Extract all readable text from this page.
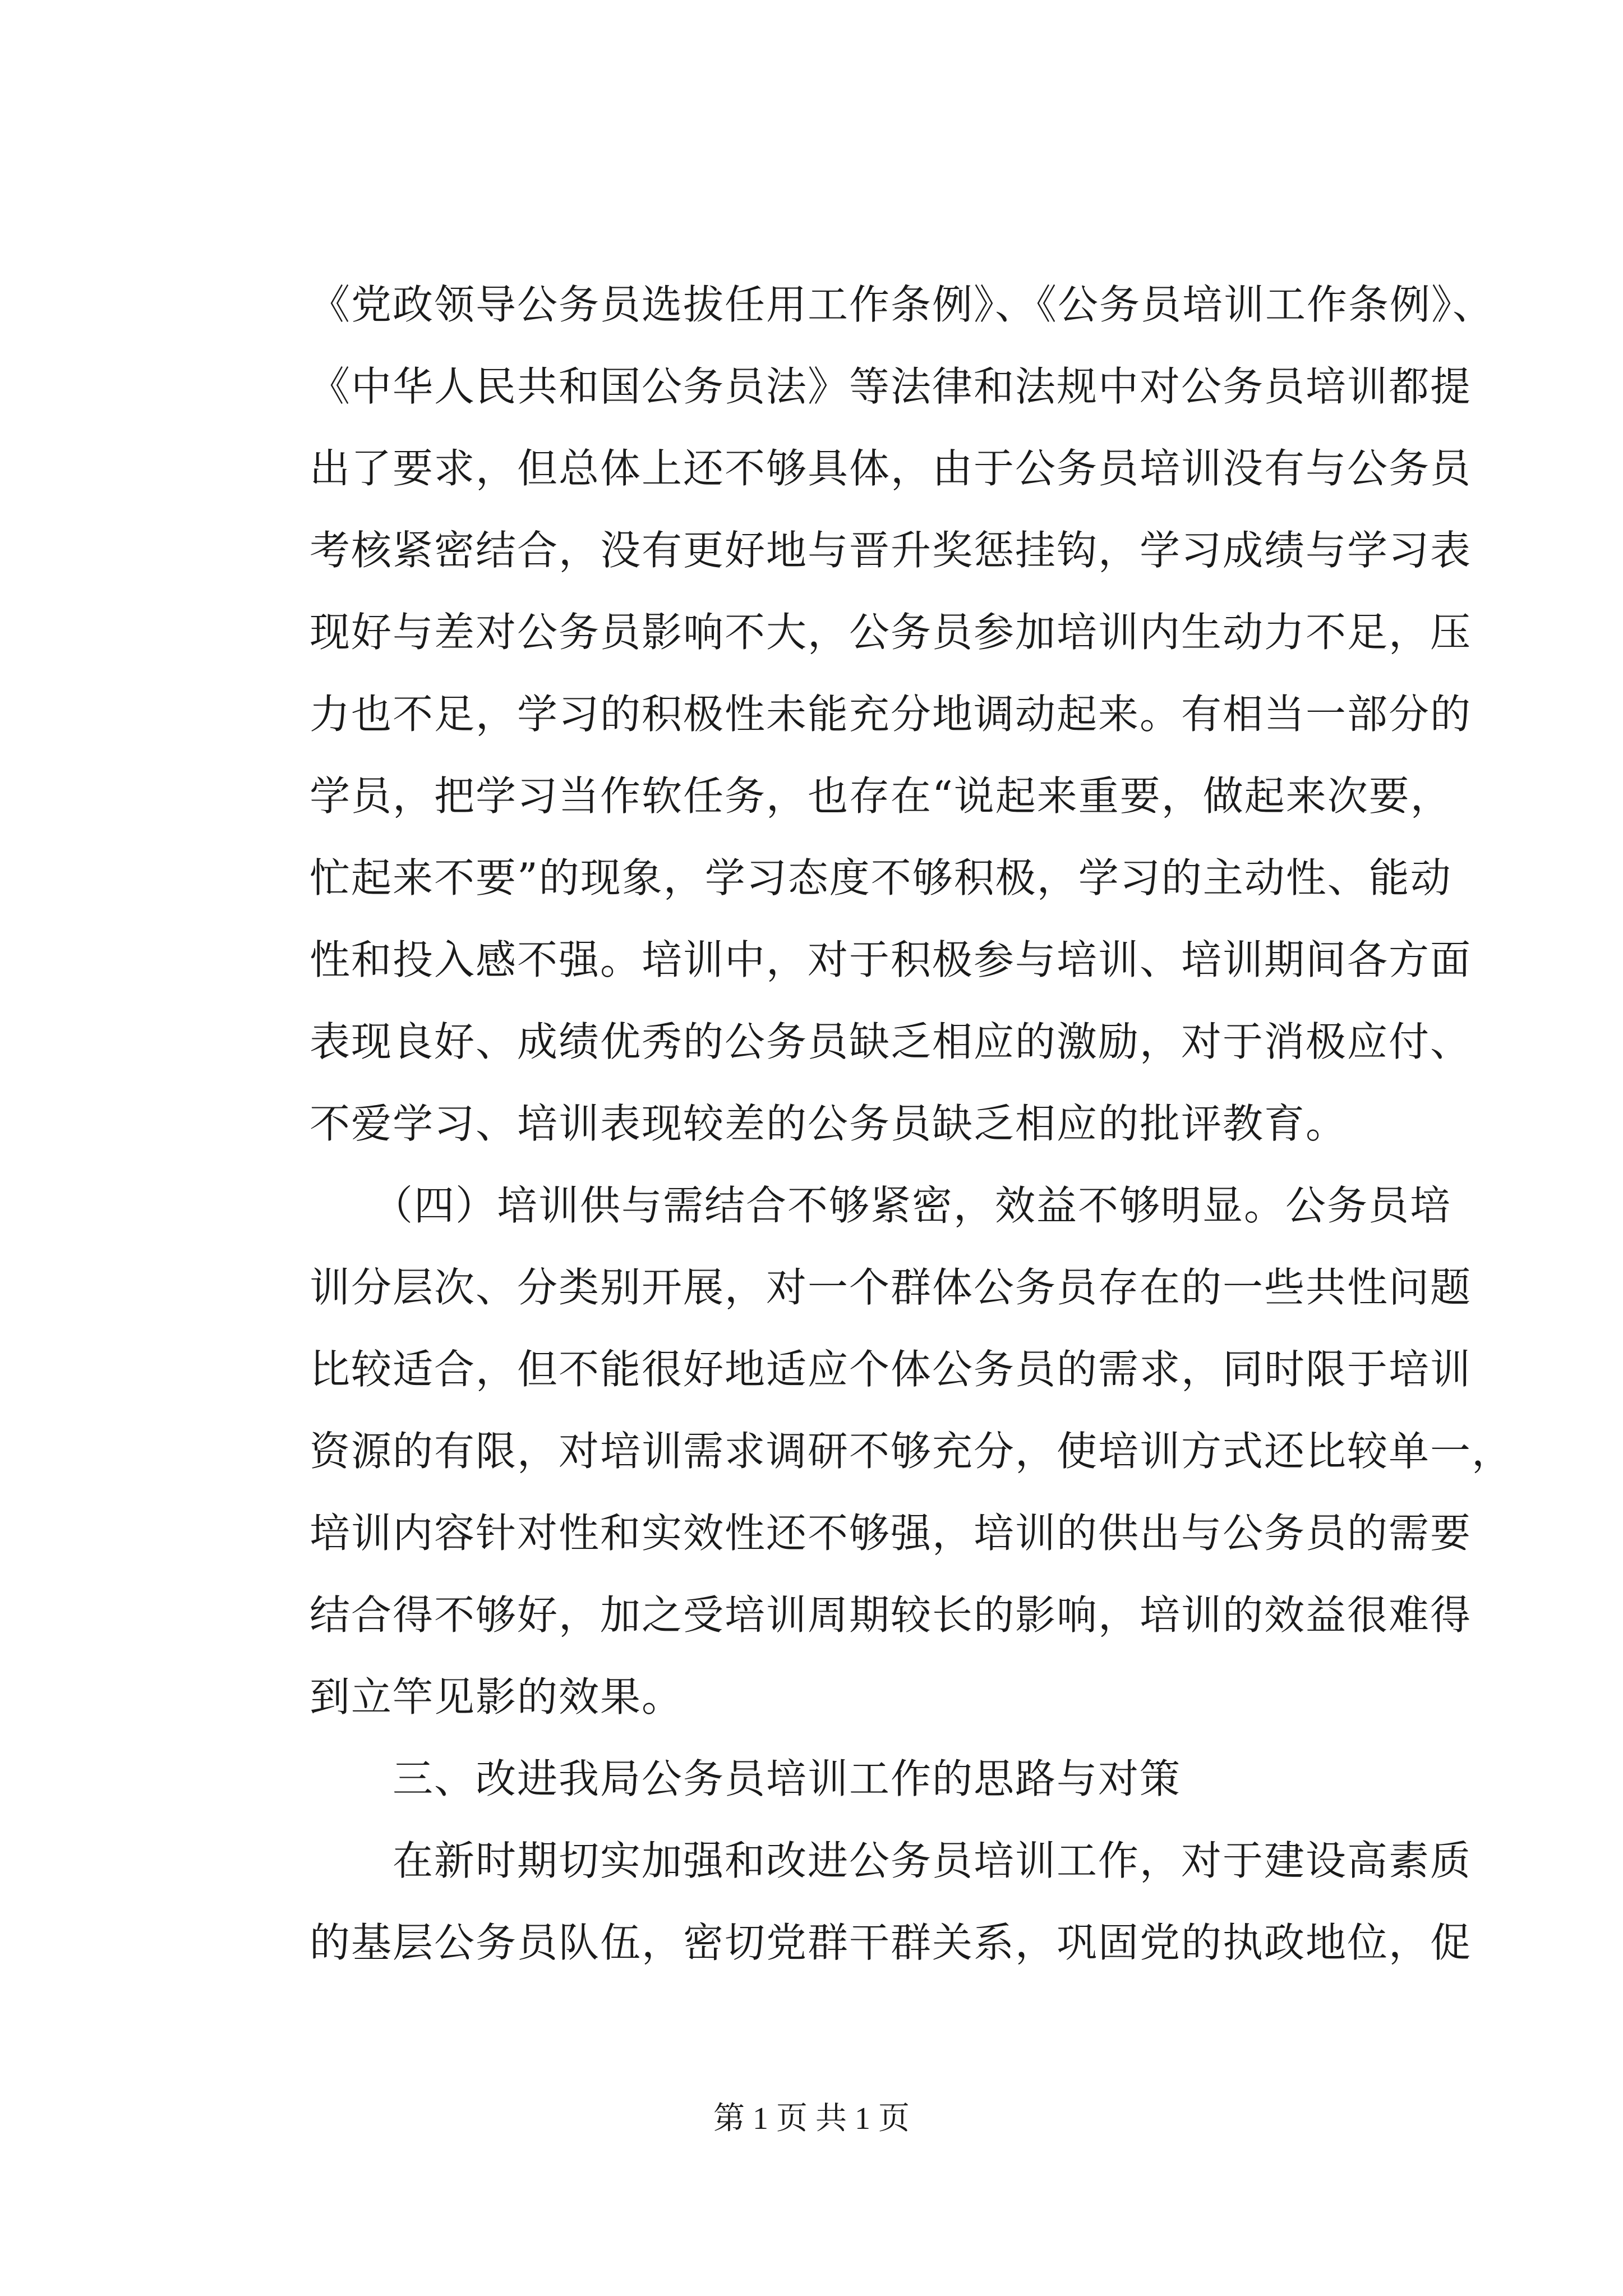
《党政领导公务员选拔任用工作条例》、《公务员培训工作条例》、
《中华人民共和国公务员法》等法律和法规中对公务员培训都提
出了要求，但总体上还不够具体，由于公务员培训没有与公务员
考核紧密结合，没有更好地与晋升奖惩挂钩，学习成绩与学习表
现好与差对公务员影响不大，公务员参加培训内生动力不足，压
力也不足，学习的积极性未能充分地调动起来。有相当一部分的
学员，把学习当作软任务，也存在“说起来重要，做起来次要，
忙起来不要”的现象，学习态度不够积极，学习的主动性、能动
性和投入感不强。培训中，对于积极参与培训、培训期间各方面
表现良好、成绩优秀的公务员缺乏相应的激励，对于消极应付、
不爱学习、培训表现较差的公务员缺乏相应的批评教育。
　　（四）培训供与需结合不够紧密，效益不够明显。公务员培
训分层次、分类别开展，对一个群体公务员存在的一些共性问题
比较适合，但不能很好地适应个体公务员的需求，同时限于培训
资源的有限，对培训需求调研不够充分，使培训方式还比较单一，
培训内容针对性和实效性还不够强，培训的供出与公务员的需要
结合得不够好，加之受培训周期较长的影响，培训的效益很难得
到立竿见影的效果。
　　三、改进我局公务员培训工作的思路与对策
　　在新时期切实加强和改进公务员培训工作，对于建设高素质
的基层公务员队伍，密切党群干群关系，巩固党的执政地位，促
第 1 页 共 1 页
